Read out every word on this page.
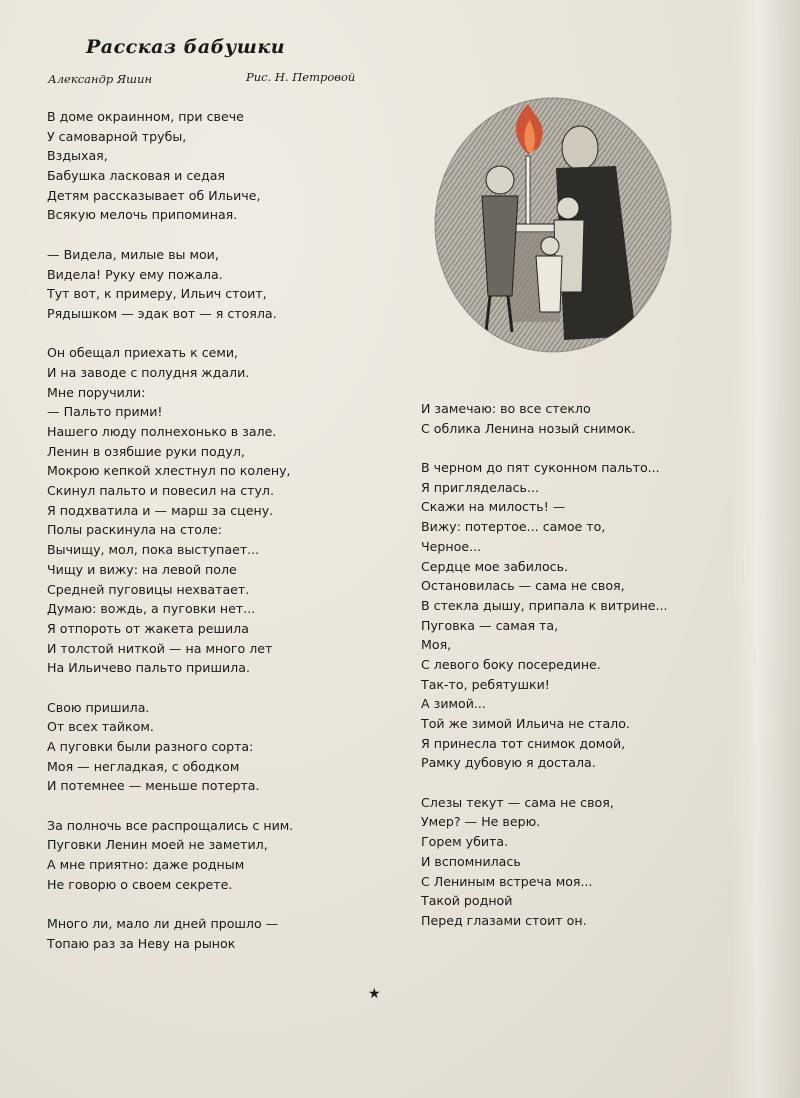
Рассказ бабушки
Александр Яшин	Рис. Н. Петровой
В доме окраинном, при свече
У самоварной трубы,
Вздыхая,
Бабушка ласковая и седая
Детям рассказывает об Ильиче,
Всякую мелочь припоминая.
— Видела, милые вы мои,
Видела! Руку ему пожала.
Тут вот, к примеру, Ильич стоит,
Рядышком — эдак вот — я стояла.
Он обещал приехать к семи,
И на заводе с полудня ждали.
Мне поручили:
— Пальто прими!
Нашего люду полнехонько в зале.
Ленин в озябшие руки подул,
Мокрою кепкой хлестнул по колену,
Скинул пальто и повесил на стул.
Я подхватила и — марш за сцену.
Полы раскинула на столе:
Вычищу, мол, пока выступает...
Чищу и вижу: на левой поле
Средней пуговицы нехватает.
Думаю: вождь, а пуговки нет...
Я отпороть от жакета решила
И толстой ниткой — на много лет
На Ильичево пальто пришила.
Свою пришила.
От всех тайком.
А пуговки были разного сорта:
Моя — негладкая, с ободком
И потемнее — меньше потерта.
За полночь все распрощались с ним.
Пуговки Ленин моей не заметил,
А мне приятно: даже родным
Не говорю о своем секрете.
Много ли, мало ли дней прошло —
Топаю раз за Неву на рынок
И замечаю: во все стекло
С облика Ленина нозый снимок.
В черном до пят суконном пальто...
Я пригляделась...
Скажи на милость! —
Вижу: потертое... самое то,
Черное...
Сердце мое забилось.
Остановилась — сама не своя,
В стекла дышу, припала к витрине...
Пуговка — самая та,
Моя,
С левого боку посередине.
Так-то, ребятушки!
А зимой...
Той же зимой Ильича не стало.
Я принесла тот снимок домой,
Рамку дубовую я достала.
Слезы текут — сама не своя,
Умер? — Не верю.
Горем убита.
И вспомнилась
С Лениным встреча моя...
Такой родной
Перед глазами стоит он.
★
